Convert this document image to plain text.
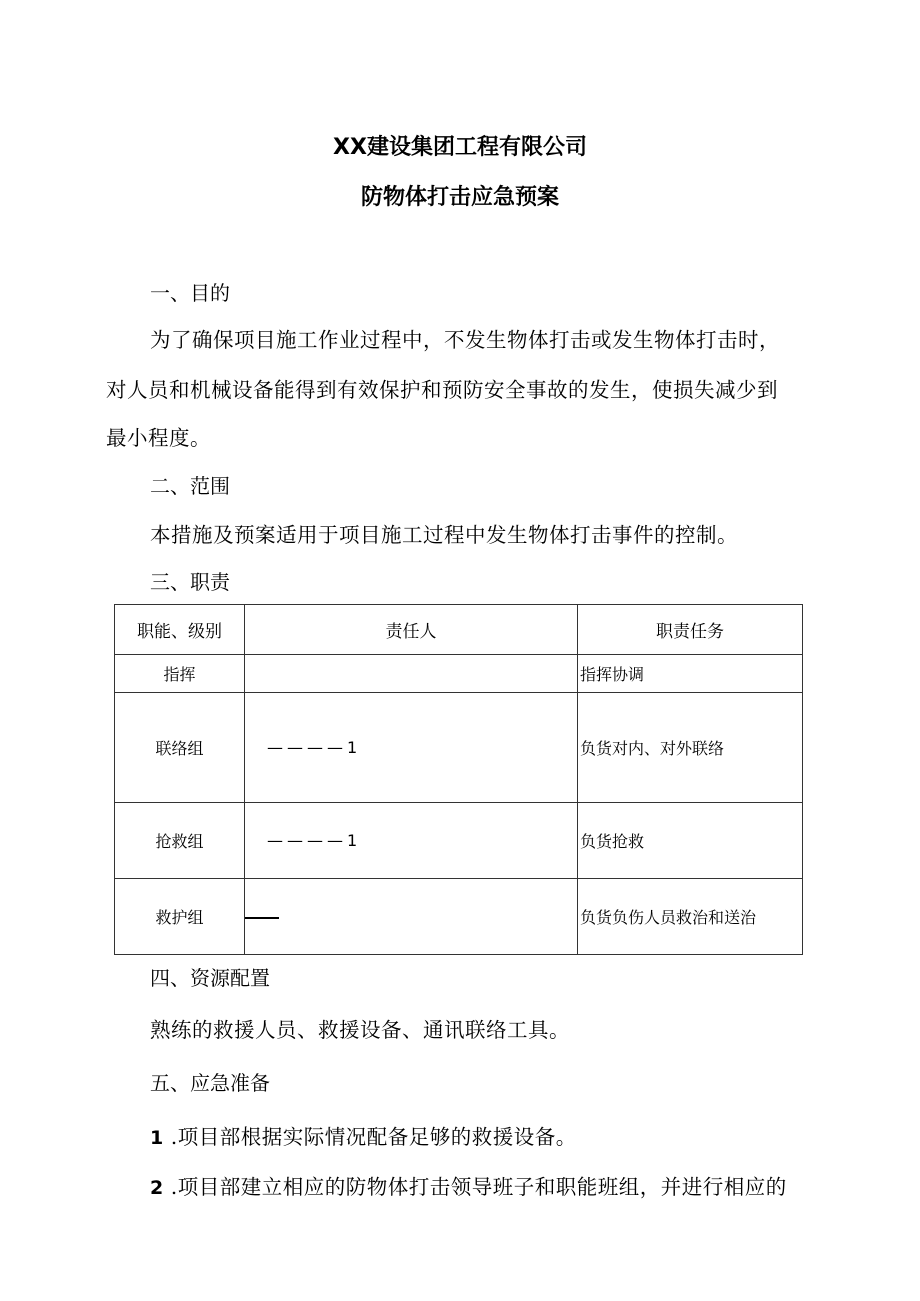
XX建设集团工程有限公司
防物体打击应急预案
一、目的

为了确保项目施工作业过程中，不发生物体打击或发生物体打击时，

对人员和机械设备能得到有效保护和预防安全事故的发生，使损失减少到

最小程度。

二、范围

本措施及预案适用于项目施工过程中发生物体打击事件的控制。

三、职责
职能、级别	责任人	职责任务
指挥		指挥协调
联络组	————1	负货对内、对外联络
抢救组	————1	负货抢救
救护组		负货负伤人员救治和送治
四、资源配置

熟练的救援人员、救援设备、通讯联络工具。

五、应急准备

1 .项目部根据实际情况配备足够的救援设备。

2 .项目部建立相应的防物体打击领导班子和职能班组，并进行相应的
